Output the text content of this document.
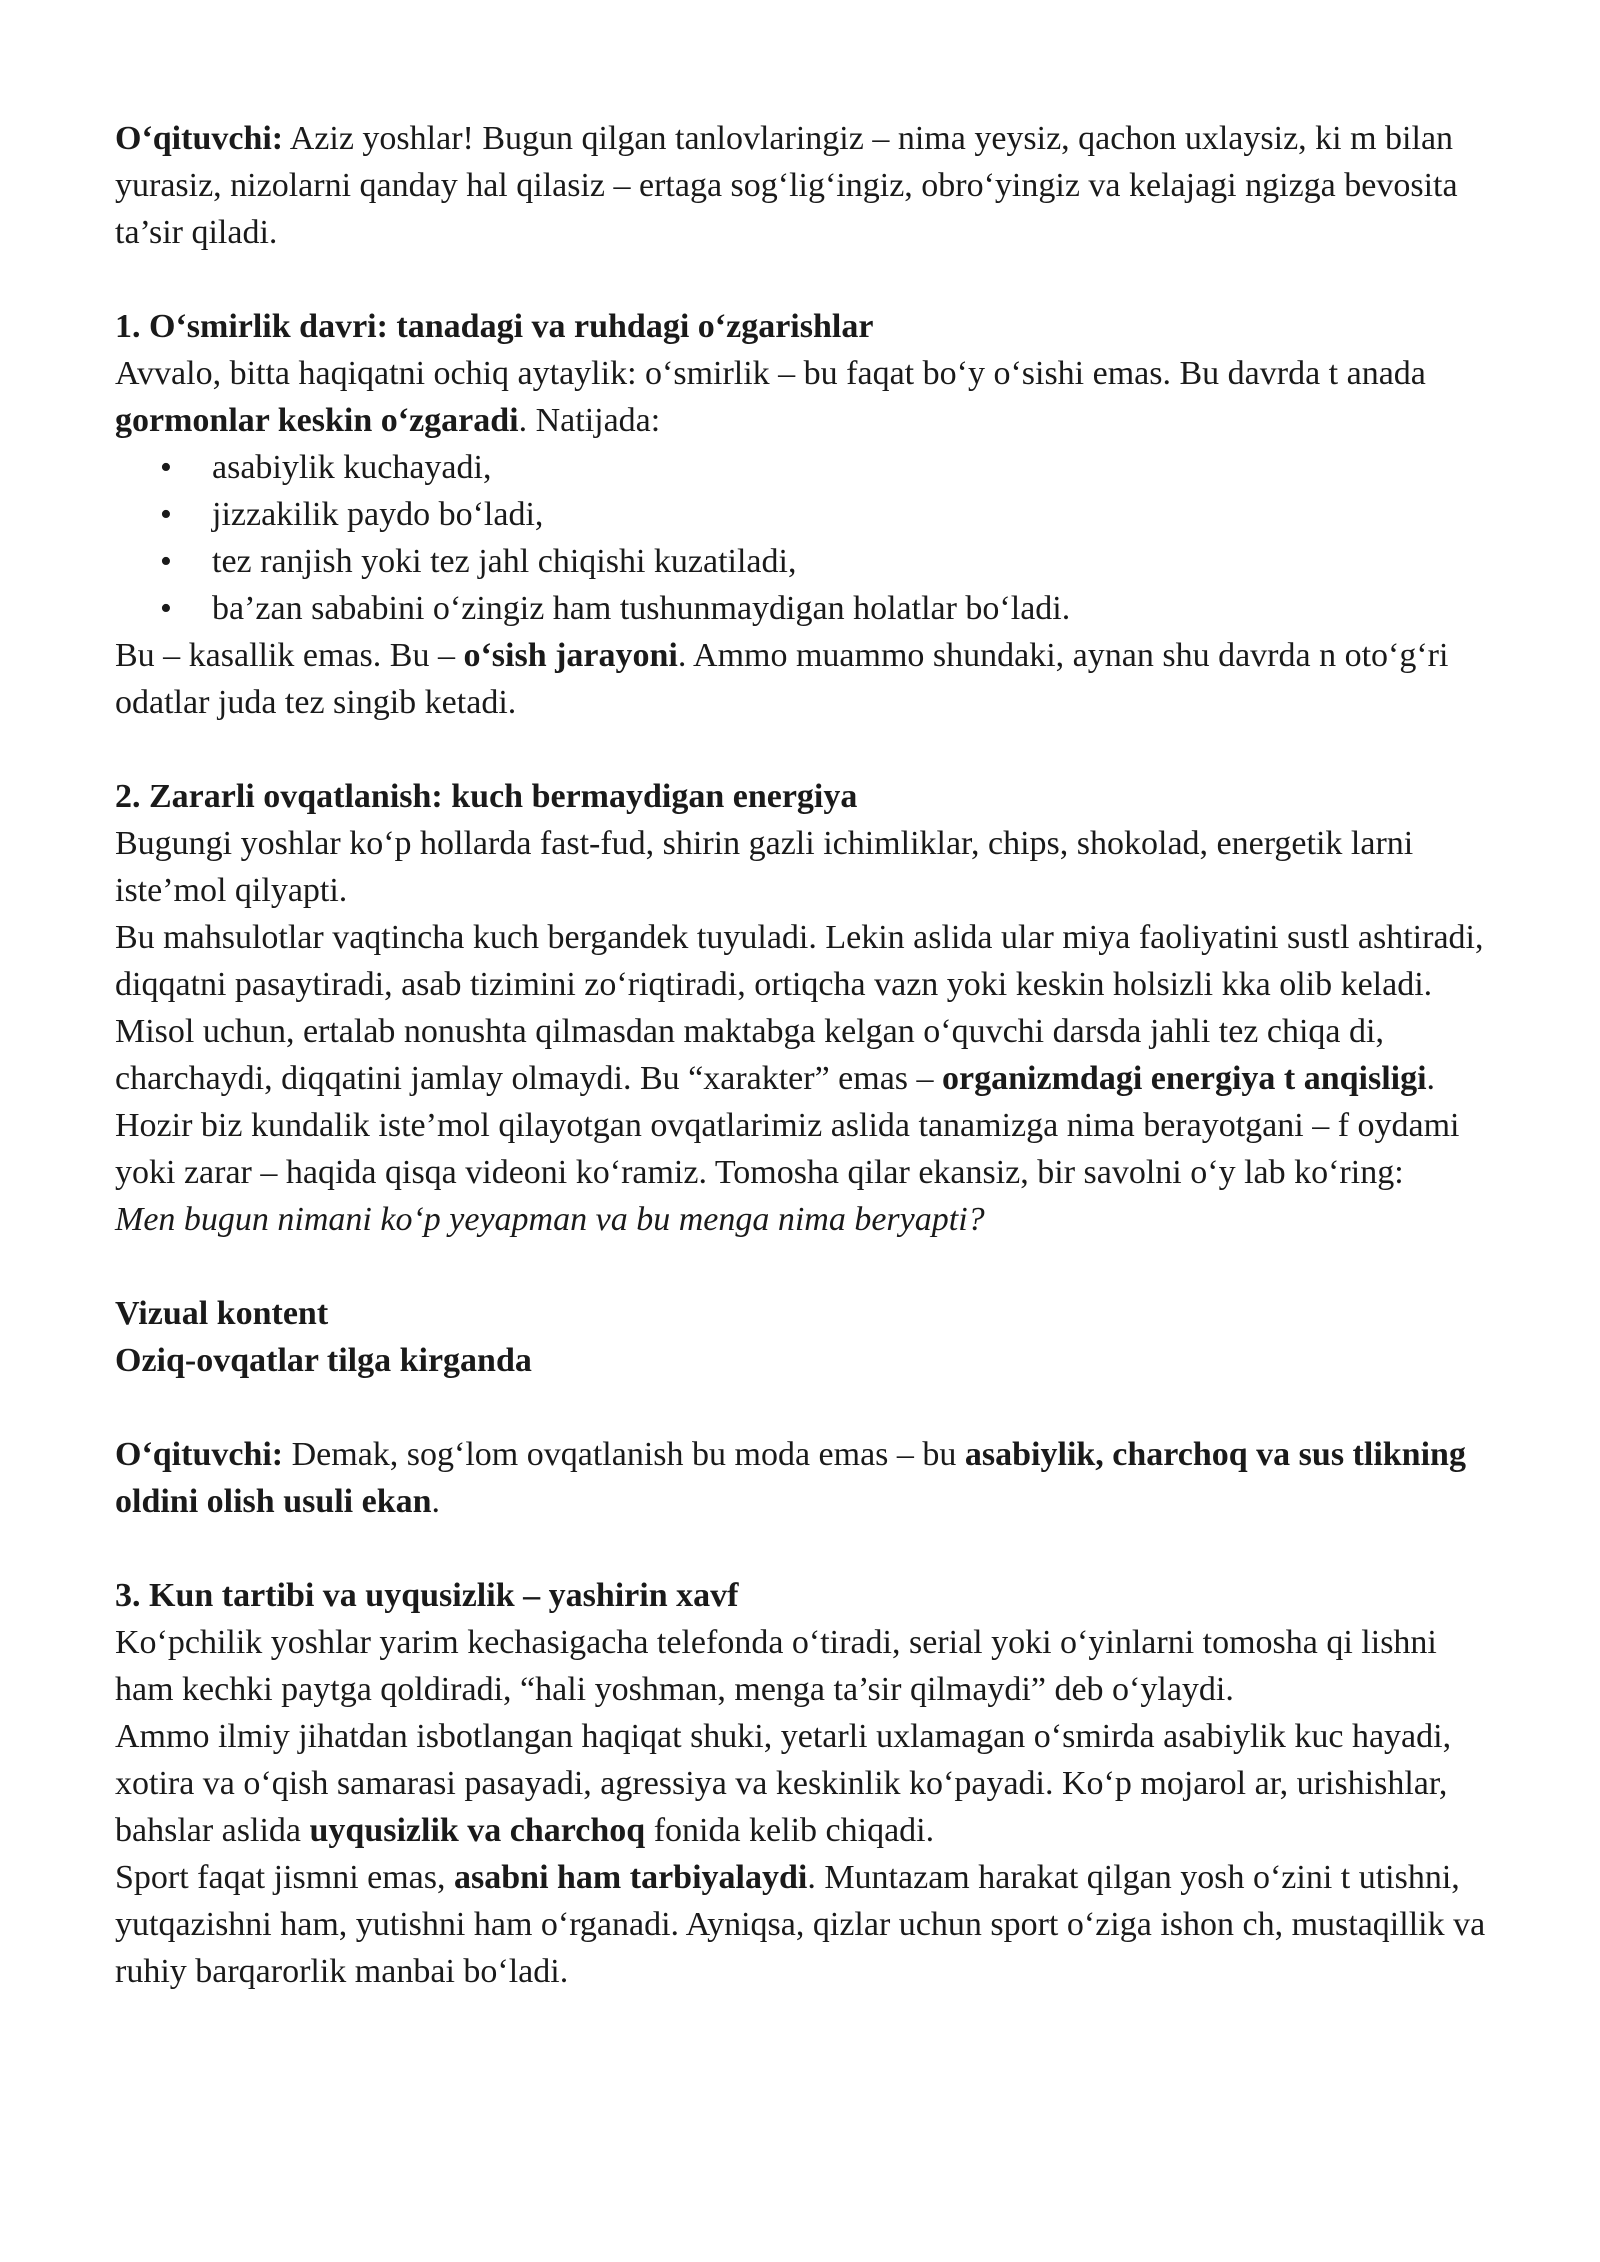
O‘qituvchi: Aziz yoshlar! Bugun qilgan tanlovlaringiz – nima yeysiz, qachon uxlaysiz, ki m bilan yurasiz, nizolarni qanday hal qilasiz – ertaga sog‘lig‘ingiz, obro‘yingiz va kelajagi ngizga bevosita ta’sir qiladi.

1. O‘smirlik davri: tanadagi va ruhdagi o‘zgarishlar

Avvalo, bitta haqiqatni ochiq aytaylik: o‘smirlik – bu faqat bo‘y o‘sishi emas. Bu davrda t anada gormonlar keskin o‘zgaradi. Natijada:

• asabiylik kuchayadi,
• jizzakilik paydo bo‘ladi,
• tez ranjish yoki tez jahl chiqishi kuzatiladi,
• ba’zan sababini o‘zingiz ham tushunmaydigan holatlar bo‘ladi.

Bu – kasallik emas. Bu – o‘sish jarayoni. Ammo muammo shundaki, aynan shu davrda n oto‘g‘ri odatlar juda tez singib ketadi.

2. Zararli ovqatlanish: kuch bermaydigan energiya

Bugungi yoshlar ko‘p hollarda fast-fud, shirin gazli ichimliklar, chips, shokolad, energetik larni iste’mol qilyapti.

Bu mahsulotlar vaqtincha kuch bergandek tuyuladi. Lekin aslida ular miya faoliyatini sustl ashtiradi, diqqatni pasaytiradi, asab tizimini zo‘riqtiradi, ortiqcha vazn yoki keskin holsizli kka olib keladi.

Misol uchun, ertalab nonushta qilmasdan maktabga kelgan o‘quvchi darsda jahli tez chiqa di, charchaydi, diqqatini jamlay olmaydi. Bu “xarakter” emas – organizmdagi energiya t anqisligi.

Hozir biz kundalik iste’mol qilayotgan ovqatlarimiz aslida tanamizga nima berayotgani – f oydami yoki zarar – haqida qisqa videoni ko‘ramiz. Tomosha qilar ekansiz, bir savolni o‘y lab ko‘ring:

Men bugun nimani ko‘p yeyapman va bu menga nima beryapti?

Vizual kontent

Oziq-ovqatlar tilga kirganda

O‘qituvchi: Demak, sog‘lom ovqatlanish bu moda emas – bu asabiylik, charchoq va sus tlikning oldini olish usuli ekan.

3. Kun tartibi va uyqusizlik – yashirin xavf

Ko‘pchilik yoshlar yarim kechasigacha telefonda o‘tiradi, serial yoki o‘yinlarni tomosha qi lishni ham kechki paytga qoldiradi, “hali yoshman, menga ta’sir qilmaydi” deb o‘ylaydi.

Ammo ilmiy jihatdan isbotlangan haqiqat shuki, yetarli uxlamagan o‘smirda asabiylik kuc hayadi, xotira va o‘qish samarasi pasayadi, agressiya va keskinlik ko‘payadi. Ko‘p mojarol ar, urishishlar, bahslar aslida uyqusizlik va charchoq fonida kelib chiqadi.

Sport faqat jismni emas, asabni ham tarbiyalaydi. Muntazam harakat qilgan yosh o‘zini t utishni, yutqazishni ham, yutishni ham o‘rganadi. Ayniqsa, qizlar uchun sport o‘ziga ishon ch, mustaqillik va ruhiy barqarorlik manbai bo‘ladi.
